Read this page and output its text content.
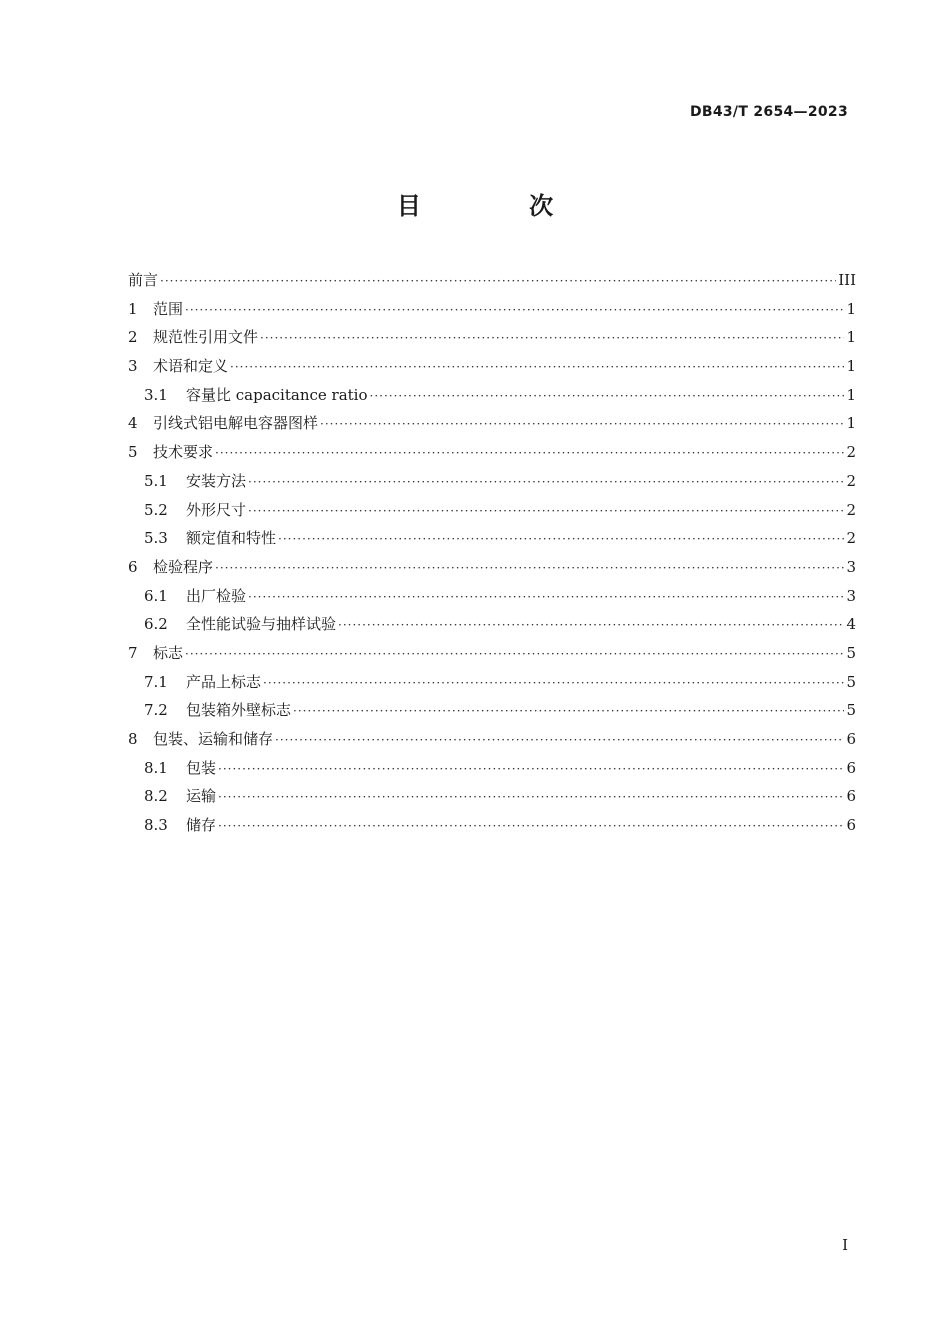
DB43/T 2654—2023
目 次
前言 ·····	III
1	范围 ·····	1
2	规范性引用文件 ·····	1
3	术语和定义 ·····	1
3.1	容量比 capacitance ratio ·····	1
4	引线式铝电解电容器图样 ·····	1
5	技术要求 ·····	2
5.1	安装方法 ·····	2
5.2	外形尺寸 ·····	2
5.3	额定值和特性 ·····	2
6	检验程序 ·····	3
6.1	出厂检验 ·····	3
6.2	全性能试验与抽样试验 ·····	4
7	标志 ·····	5
7.1	产品上标志 ·····	5
7.2	包装箱外壁标志 ·····	5
8	包装、运输和储存 ·····	6
8.1	包装 ·····	6
8.2	运输 ·····	6
8.3	储存 ·····	6
I
